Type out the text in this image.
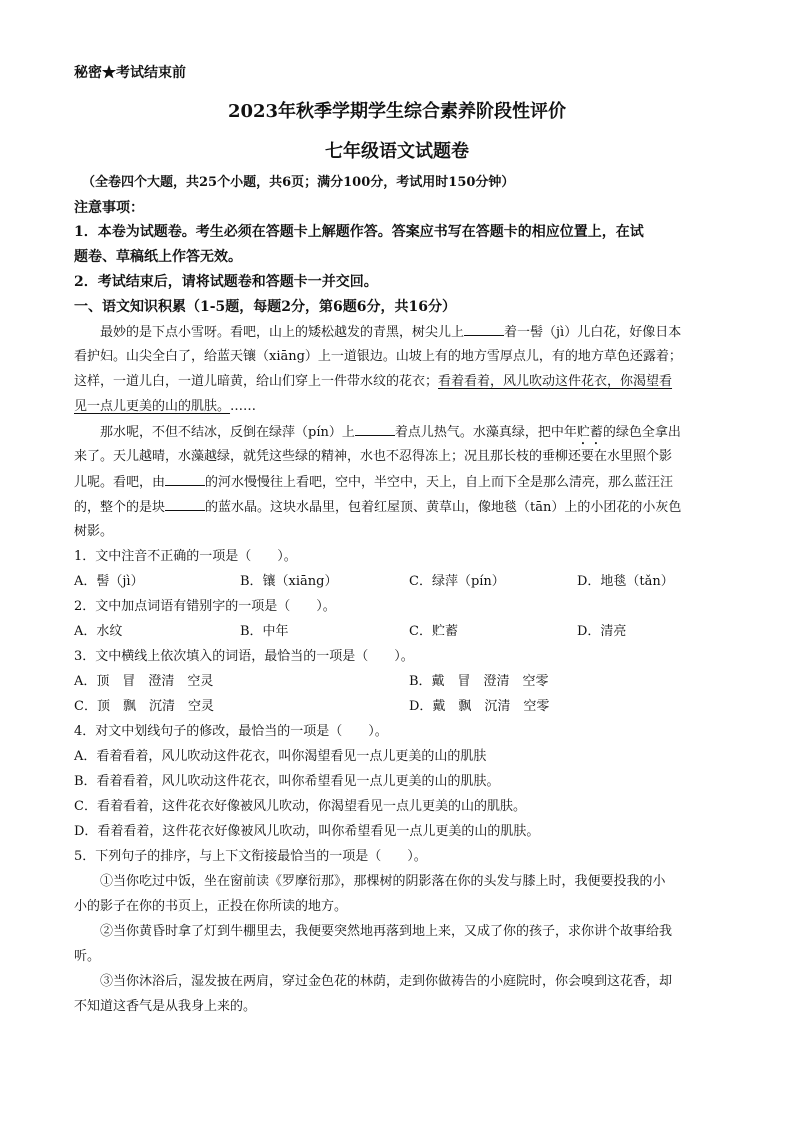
秘密★考试结束前
2023年秋季学期学生综合素养阶段性评价
七年级语文试题卷
（全卷四个大题，共25个小题，共6页；满分100分，考试用时150分钟）
注意事项：
1．本卷为试题卷。考生必须在答题卡上解题作答。答案应书写在答题卡的相应位置上，在试
题卷、草稿纸上作答无效。
2．考试结束后，请将试题卷和答题卡一并交回。
一、语文知识积累（1-5题，每题2分，第6题6分，共16分）
最妙的是下点小雪呀。看吧，山上的矮松越发的青黑，树尖儿上	着一髻（jì）儿白花，好像日本
看护妇。山尖全白了，给蓝天镶（xiāng）上一道银边。山坡上有的地方雪厚点儿，有的地方草色还露着；
这样，一道儿白，一道儿暗黄，给山们穿上一件带水纹的花衣；看着看着，风儿吹动这件花衣，你渴望看
见一点儿更美的山的肌肤。……
那水呢，不但不结冰，反倒在绿萍（pín）上	着点儿热气。水藻真绿，把中年贮蓄的绿色全拿出
来了。天儿越晴，水藻越绿，就凭这些绿的精神，水也不忍得冻上；况且那长枝的垂柳还要在水里照个影
儿呢。看吧，由	的河水慢慢往上看吧，空中，半空中，天上，自上而下全是那么清亮，那么蓝汪汪
的，整个的是块	的蓝水晶。这块水晶里，包着红屋顶、黄草山，像地毯（tān）上的小团花的小灰色
树影。
1．文中注音不正确的一项是（　　）。
A．髻（jì）	B．镶（xiāng）	C．绿萍（pín）	D．地毯（tǎn）
2．文中加点词语有错别字的一项是（　　）。
A．水纹	B．中年	C．贮蓄	D．清亮
3．文中横线上依次填入的词语，最恰当的一项是（　　）。
A．顶　冒　澄清　空灵	B．戴　冒　澄清　空零
C．顶　飘　沉清　空灵	D．戴　飘　沉清　空零
4．对文中划线句子的修改，最恰当的一项是（　　）。
A．看着看着，风儿吹动这件花衣，叫你渴望看见一点儿更美的山的肌肤
B．看着看着，风儿吹动这件花衣，叫你希望看见一点儿更美的山的肌肤。
C．看着看着，这件花衣好像被风儿吹动，你渴望看见一点儿更美的山的肌肤。
D．看着看着，这件花衣好像被风儿吹动，叫你希望看见一点儿更美的山的肌肤。
5．下列句子的排序，与上下文衔接最恰当的一项是（　　）。
①当你吃过中饭，坐在窗前读《罗摩衍那》，那棵树的阴影落在你的头发与膝上时，我便要投我的小
小的影子在你的书页上，正投在你所读的地方。
②当你黄昏时拿了灯到牛棚里去，我便要突然地再落到地上来，又成了你的孩子，求你讲个故事给我
听。
③当你沐浴后，湿发披在两肩，穿过金色花的林荫，走到你做祷告的小庭院时，你会嗅到这花香，却
不知道这香气是从我身上来的。
